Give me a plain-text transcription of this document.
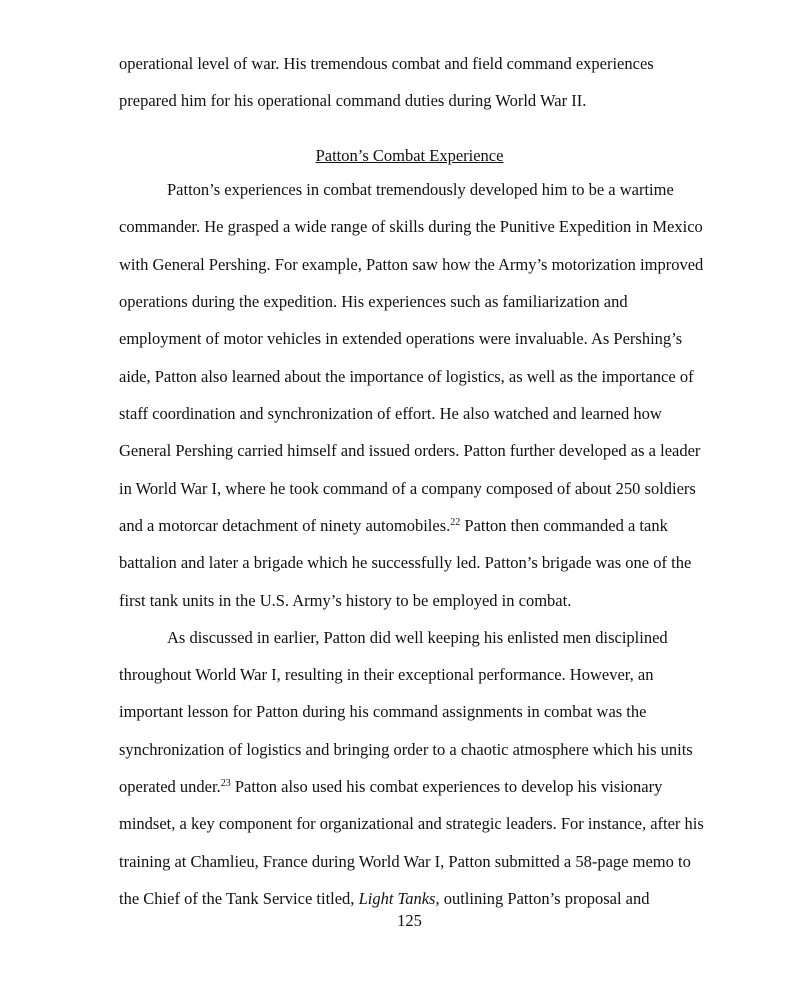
operational level of war. His tremendous combat and field command experiences

prepared him for his operational command duties during World War II.

Patton’s Combat Experience

Patton’s experiences in combat tremendously developed him to be a wartime

commander. He grasped a wide range of skills during the Punitive Expedition in Mexico

with General Pershing. For example, Patton saw how the Army’s motorization improved

operations during the expedition. His experiences such as familiarization and

employment of motor vehicles in extended operations were invaluable. As Pershing’s

aide, Patton also learned about the importance of logistics, as well as the importance of

staff coordination and synchronization of effort. He also watched and learned how

General Pershing carried himself and issued orders. Patton further developed as a leader

in World War I, where he took command of a company composed of about 250 soldiers

and a motorcar detachment of ninety automobiles.$^{22}$ Patton then commanded a tank

battalion and later a brigade which he successfully led. Patton’s brigade was one of the

first tank units in the U.S. Army’s history to be employed in combat.

As discussed in earlier, Patton did well keeping his enlisted men disciplined

throughout World War I, resulting in their exceptional performance. However, an

important lesson for Patton during his command assignments in combat was the

synchronization of logistics and bringing order to a chaotic atmosphere which his units

operated under.$^{23}$ Patton also used his combat experiences to develop his visionary

mindset, a key component for organizational and strategic leaders. For instance, after his

training at Chamlieu, France during World War I, Patton submitted a 58-page memo to

the Chief of the Tank Service titled, Light Tanks, outlining Patton’s proposal and

125
